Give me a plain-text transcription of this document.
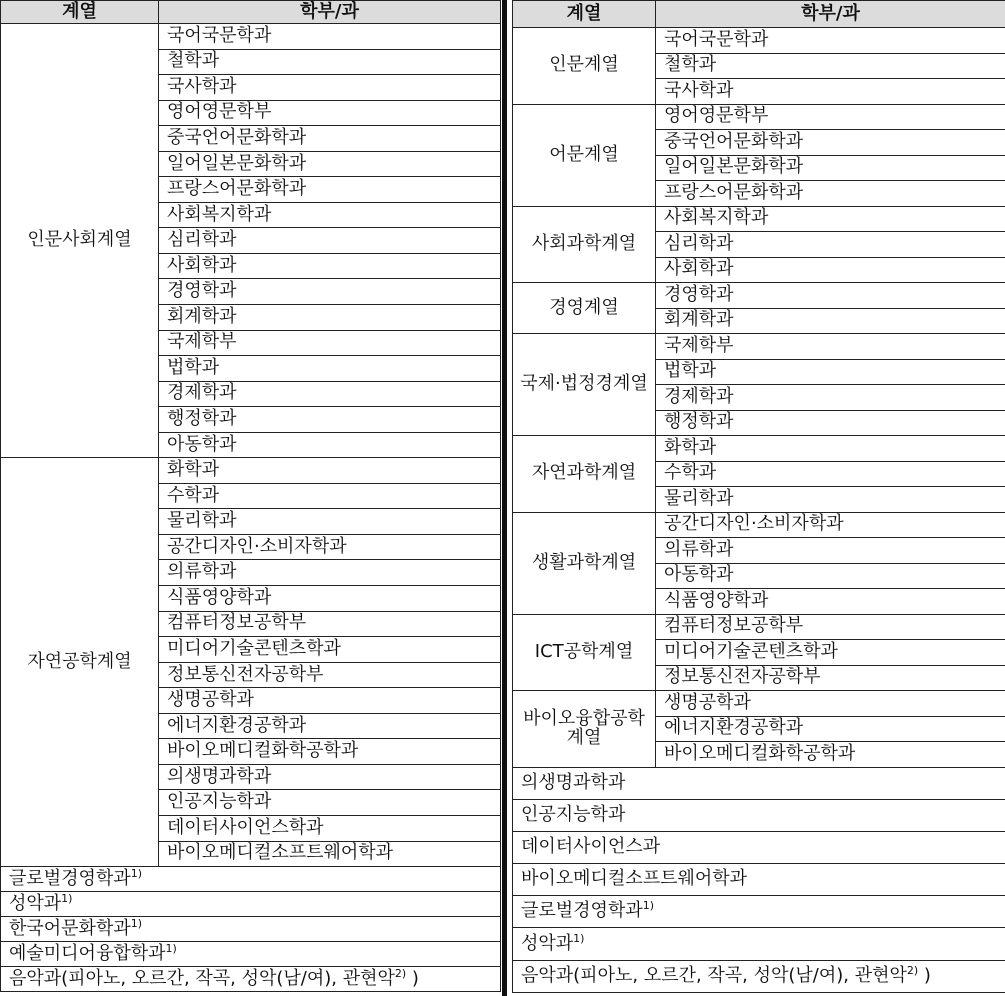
계열	학부/과
인문사회계열	국어국문학과
	철학과
	국사학과
	영어영문학부
	중국언어문화학과
	일어일본문화학과
	프랑스어문화학과
	사회복지학과
	심리학과
	사회학과
	경영학과
	회계학과
	국제학부
	법학과
	경제학과
	행정학과
	아동학과
자연공학계열	화학과
	수학과
	물리학과
	공간디자인·소비자학과
	의류학과
	식품영양학과
	컴퓨터정보공학부
	미디어기술콘텐츠학과
	정보통신전자공학부
	생명공학과
	에너지환경공학과
	바이오메디컬화학공학과
	의생명과학과
	인공지능학과
	데이터사이언스학과
	바이오메디컬소프트웨어학과
글로벌경영학과$^{1)}$
성악과$^{1)}$
한국어문화학과$^{1)}$
예술미디어융합학과$^{1)}$
음악과(피아노, 오르간, 작곡, 성악(남/여), 관현악$^{2)}$ )	
계열	학부/과
인문계열	국어국문학과
	철학과
	국사학과
어문계열	영어영문학부
	중국언어문화학과
	일어일본문화학과
	프랑스어문화학과
사회과학계열	사회복지학과
	심리학과
	사회학과
경영계열	경영학과
	회계학과
국제·법정경계열	국제학부
	법학과
	경제학과
	행정학과
자연과학계열	화학과
	수학과
	물리학과
생활과학계열	공간디자인·소비자학과
	의류학과
	아동학과
	식품영양학과
ICT공학계열	컴퓨터정보공학부
	미디어기술콘텐츠학과
	정보통신전자공학부
바이오융합공학계열	생명공학과
	에너지환경공학과
	바이오메디컬화학공학과
의생명과학과	
인공지능학과	
데이터사이언스과	
바이오메디컬소프트웨어학과	
글로벌경영학과$^{1)}$
성악과$^{1)}$
음악과(피아노, 오르간, 작곡, 성악(남/여), 관현악$^{2)}$ )	
